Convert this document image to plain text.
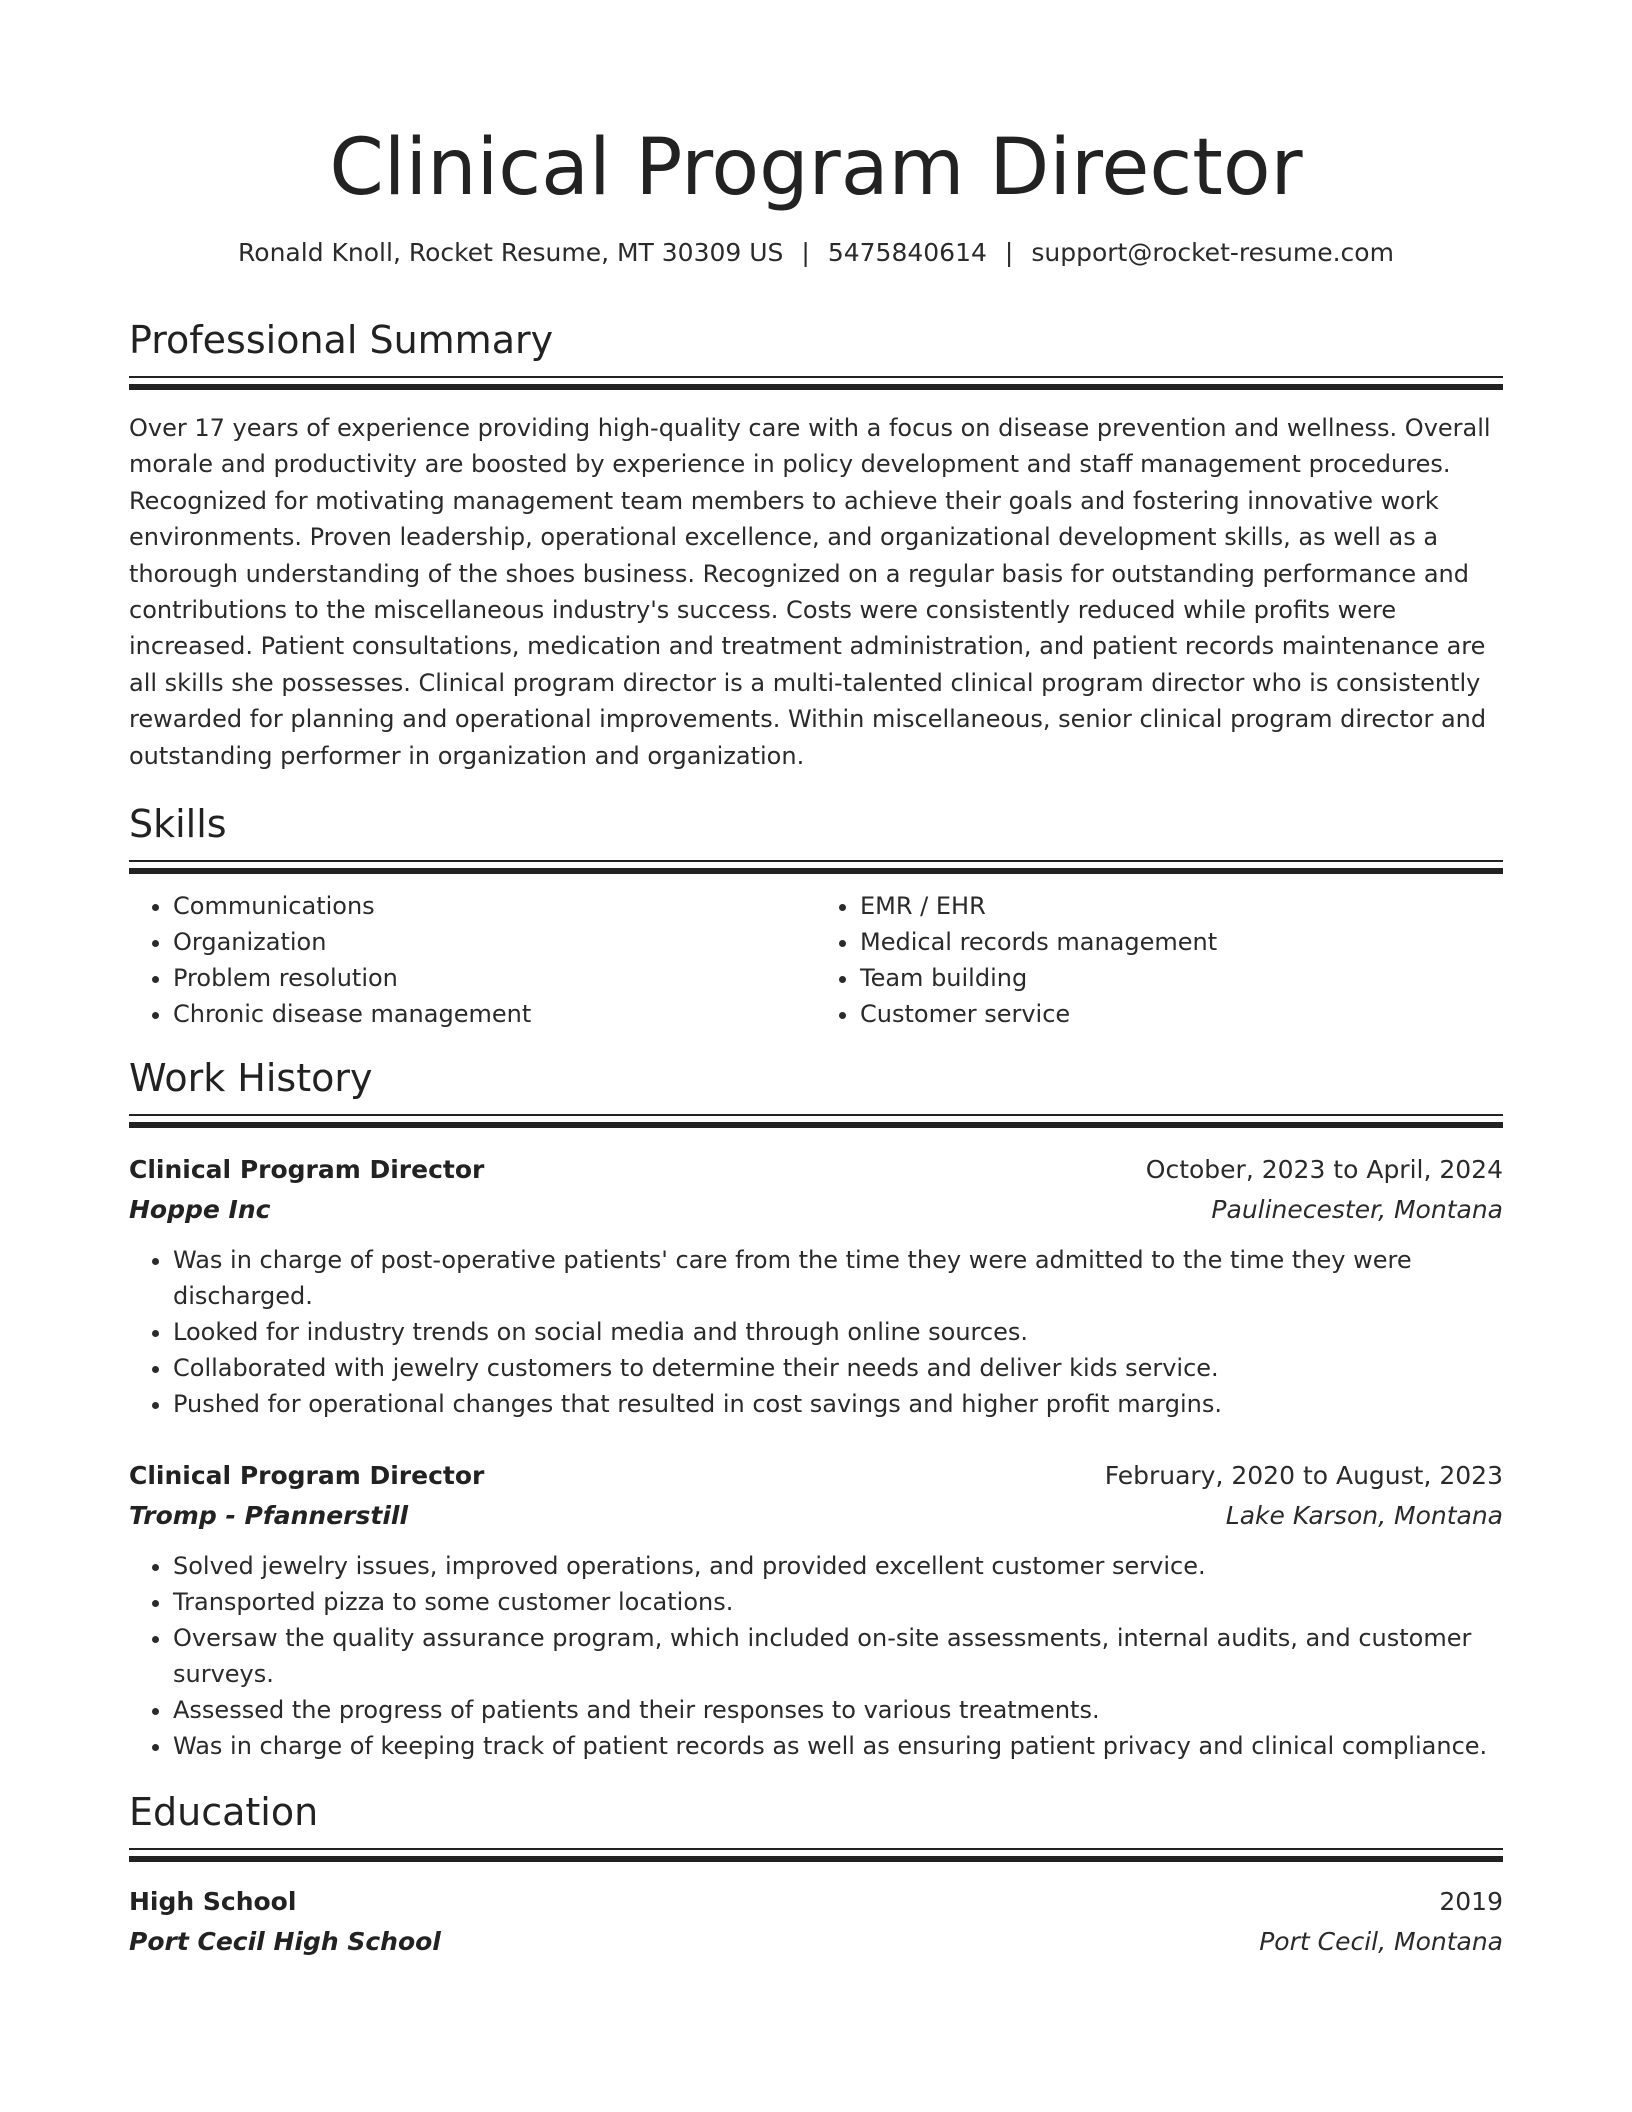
Clinical Program Director
Ronald Knoll, Rocket Resume, MT 30309 US | 5475840614 | support@rocket-resume.com
Professional Summary
Over 17 years of experience providing high-quality care with a focus on disease prevention and wellness. Overall morale and productivity are boosted by experience in policy development and staff management procedures. Recognized for motivating management team members to achieve their goals and fostering innovative work environments. Proven leadership, operational excellence, and organizational development skills, as well as a thorough understanding of the shoes business. Recognized on a regular basis for outstanding performance and contributions to the miscellaneous industry's success. Costs were consistently reduced while profits were increased. Patient consultations, medication and treatment administration, and patient records maintenance are all skills she possesses. Clinical program director is a multi-talented clinical program director who is consistently rewarded for planning and operational improvements. Within miscellaneous, senior clinical program director and outstanding performer in organization and organization.
Skills
• Communications
• Organization
• Problem resolution
• Chronic disease management
• EMR / EHR
• Medical records management
• Team building
• Customer service
Work History
Clinical Program Director	October, 2023 to April, 2024
Hoppe Inc	Paulinecester, Montana
• Was in charge of post-operative patients' care from the time they were admitted to the time they were discharged.
• Looked for industry trends on social media and through online sources.
• Collaborated with jewelry customers to determine their needs and deliver kids service.
• Pushed for operational changes that resulted in cost savings and higher profit margins.
Clinical Program Director	February, 2020 to August, 2023
Tromp - Pfannerstill	Lake Karson, Montana
• Solved jewelry issues, improved operations, and provided excellent customer service.
• Transported pizza to some customer locations.
• Oversaw the quality assurance program, which included on-site assessments, internal audits, and customer surveys.
• Assessed the progress of patients and their responses to various treatments.
• Was in charge of keeping track of patient records as well as ensuring patient privacy and clinical compliance.
Education
High School	2019
Port Cecil High School	Port Cecil, Montana
